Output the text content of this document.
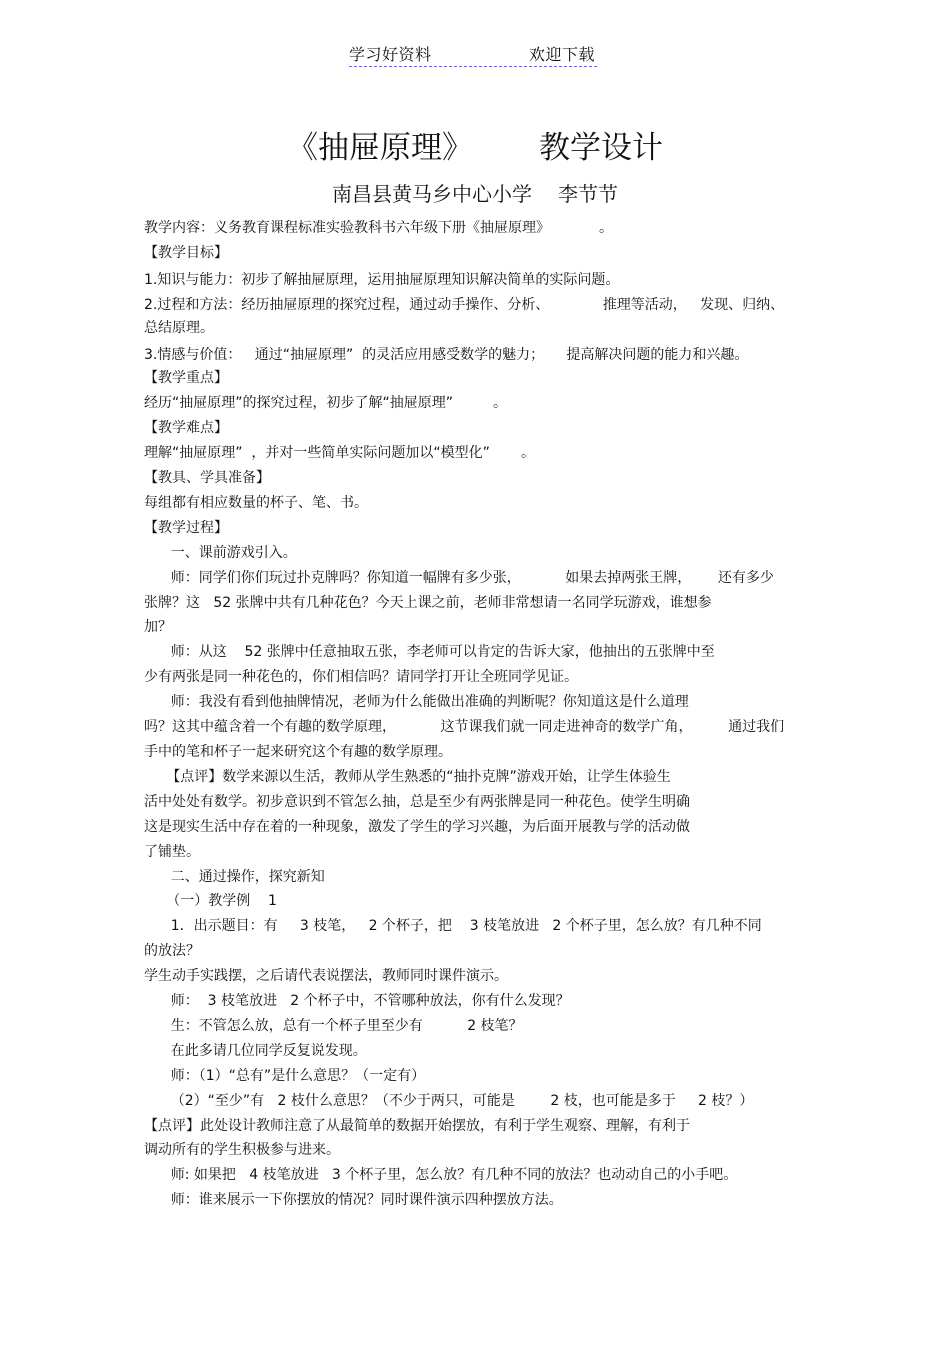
学习好资料	欢迎下载
《抽屉原理》 教学设计
南昌县黄马乡中心小学 李节节
教学内容：义务教育课程标准实验教科书六年级下册《抽屉原理》           。
【教学目标】
1.知识与能力：初步了解抽屉原理，运用抽屉原理知识解决简单的实际问题。
2.过程和方法：经历抽屉原理的探究过程，通过动手操作、分析、            推理等活动，   发现、归纳、
总结原理。
3.情感与价值：   通过“抽屉原理”  的灵活应用感受数学的魅力；     提高解决问题的能力和兴趣。
【教学重点】
经历“抽屉原理”的探究过程，初步了解“抽屉原理”         。
【教学难点】
理解“抽屉原理”  ，并对一些简单实际问题加以“模型化”       。
【教具、学具准备】
每组都有相应数量的杯子、笔、书。
【教学过程】
一、课前游戏引入。
师：同学们你们玩过扑克牌吗？你知道一幅牌有多少张，          如果去掉两张王牌，      还有多少
张牌？这   52 张牌中共有几种花色？今天上课之前，老师非常想请一名同学玩游戏，谁想参
加？
师：从这    52 张牌中任意抽取五张，李老师可以肯定的告诉大家，他抽出的五张牌中至
少有两张是同一种花色的，你们相信吗？请同学打开让全班同学见证。
师：我没有看到他抽牌情况，老师为什么能做出准确的判断呢？你知道这是什么道理
吗？这其中蕴含着一个有趣的数学原理，          这节课我们就一同走进神奇的数学广角，        通过我们
手中的笔和杯子一起来研究这个有趣的数学原理。
【点评】数学来源以生活，教师从学生熟悉的“抽扑克牌”游戏开始，让学生体验生
活中处处有数学。初步意识到不管怎么抽，总是至少有两张牌是同一种花色。使学生明确
这是现实生活中存在着的一种现象，激发了学生的学习兴趣，为后面开展教与学的活动做
了铺垫。
二、通过操作，探究新知
（一）教学例    1
1．出示题目：有     3 枝笔，   2 个杯子，把    3 枝笔放进   2 个杯子里，怎么放？有几种不同
的放法？
学生动手实践摆，之后请代表说摆法，教师同时课件演示。
师：  3 枝笔放进   2 个杯子中，不管哪种放法，你有什么发现？
生：不管怎么放，总有一个杯子里至少有          2 枝笔？
在此多请几位同学反复说发现。
师：（1）“总有”是什么意思？（一定有）
（2）“至少”有   2 枝什么意思？（不少于两只，可能是        2 枝，也可能是多于     2 枝？）
【点评】此处设计教师注意了从最简单的数据开始摆放，有利于学生观察、理解，有利于
调动所有的学生积极参与进来。
师: 如果把   4 枝笔放进   3 个杯子里，怎么放？有几种不同的放法？也动动自己的小手吧。
师：谁来展示一下你摆放的情况？同时课件演示四种摆放方法。
